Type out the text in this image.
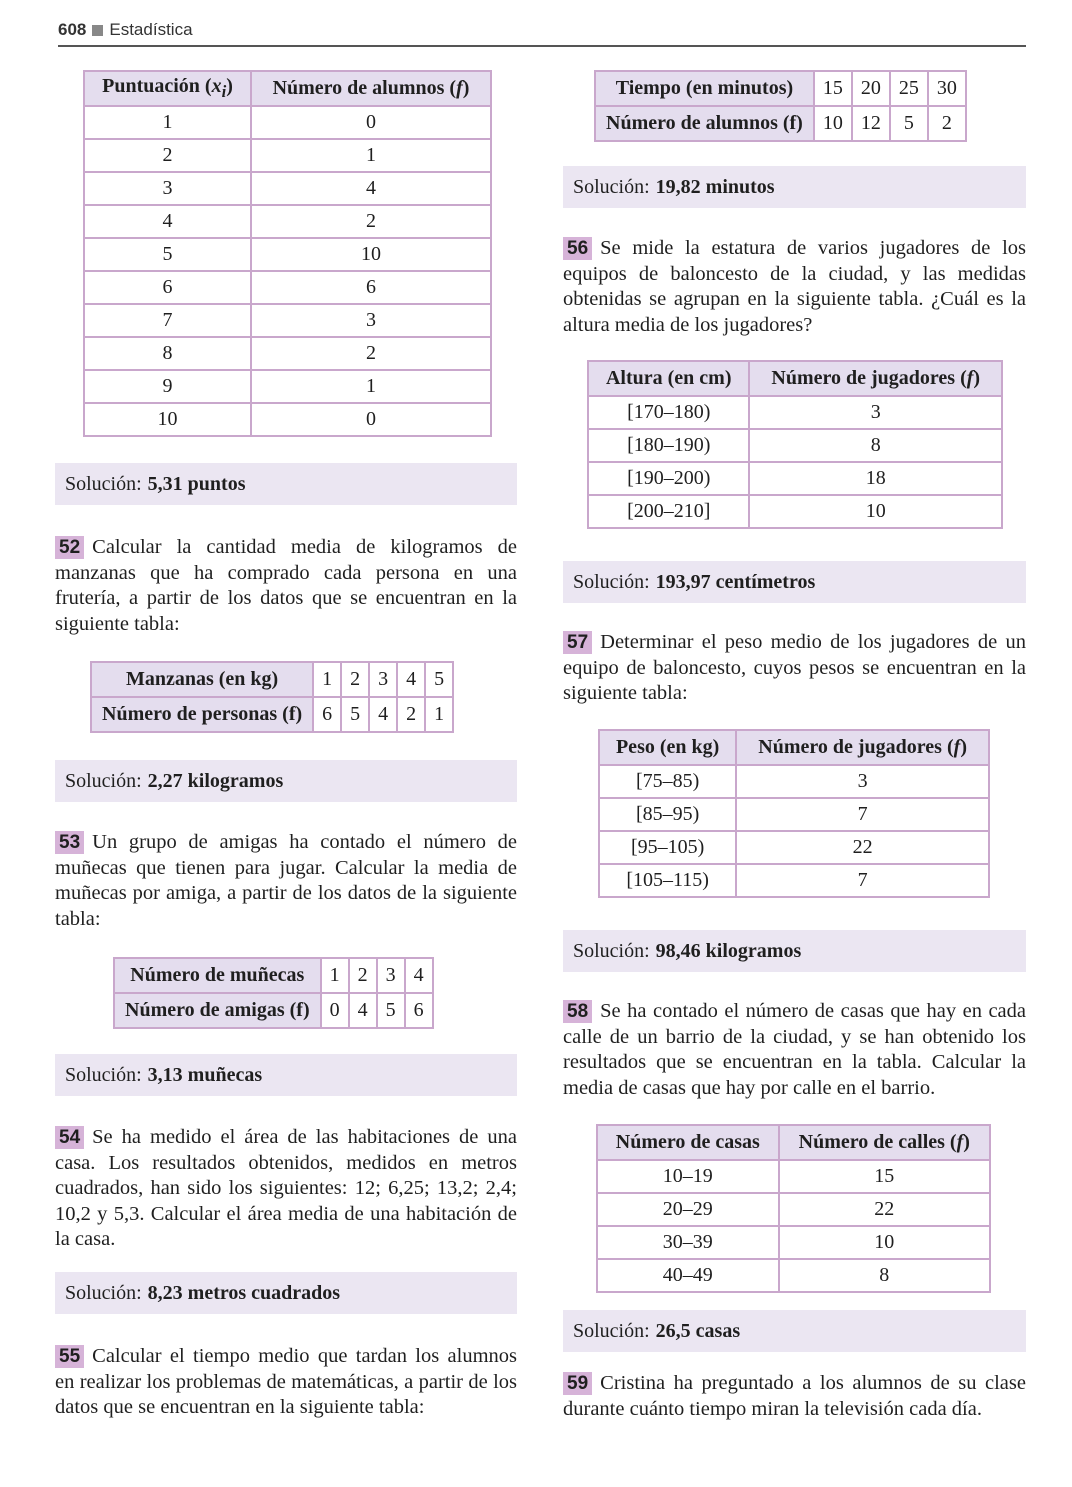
608 Estadística
Puntuación $(x_i)$	Número de alumnos (f)
1	0
2	1
3	4
4	2
5	10
6	6
7	3
8	2
9	1
10	0
Solución: 5,31 puntos
52 Calcular la cantidad media de kilogramos de manzanas que ha comprado cada persona en una frutería, a partir de los datos que se encuentran en la siguiente tabla:
Manzanas (en kg)	1	2	3	4	5
Número de personas (f)	6	5	4	2	1
Solución: 2,27 kilogramos
53 Un grupo de amigas ha contado el número de muñecas que tienen para jugar. Calcular la media de muñecas por amiga, a partir de los datos de la siguiente tabla:
Número de muñecas	1	2	3	4
Número de amigas (f)	0	4	5	6
Solución: 3,13 muñecas
54 Se ha medido el área de las habitaciones de una casa. Los resultados obtenidos, medidos en metros cuadrados, han sido los siguientes: 12; 6,25; 13,2; 2,4; 10,2 y 5,3. Calcular el área media de una habitación de la casa.
Solución: 8,23 metros cuadrados
55 Calcular el tiempo medio que tardan los alumnos en realizar los problemas de matemáticas, a partir de los datos que se encuentran en la siguiente tabla:
Tiempo (en minutos)	15	20	25	30
Número de alumnos (f)	10	12	5	2
Solución: 19,82 minutos
56 Se mide la estatura de varios jugadores de los equipos de baloncesto de la ciudad, y las medidas obtenidas se agrupan en la siguiente tabla. ¿Cuál es la altura media de los jugadores?
Altura (en cm)	Número de jugadores (f)
[170–180)	3
[180–190)	8
[190–200)	18
[200–210]	10
Solución: 193,97 centímetros
57 Determinar el peso medio de los jugadores de un equipo de baloncesto, cuyos pesos se encuentran en la siguiente tabla:
Peso (en kg)	Número de jugadores (f)
[75–85)	3
[85–95)	7
[95–105)	22
[105–115)	7
Solución: 98,46 kilogramos
58 Se ha contado el número de casas que hay en cada calle de un barrio de la ciudad, y se han obtenido los resultados que se encuentran en la tabla. Calcular la media de casas que hay por calle en el barrio.
Número de casas	Número de calles (f)
10–19	15
20–29	22
30–39	10
40–49	8
Solución: 26,5 casas
59 Cristina ha preguntado a los alumnos de su clase durante cuánto tiempo miran la televisión cada día.
